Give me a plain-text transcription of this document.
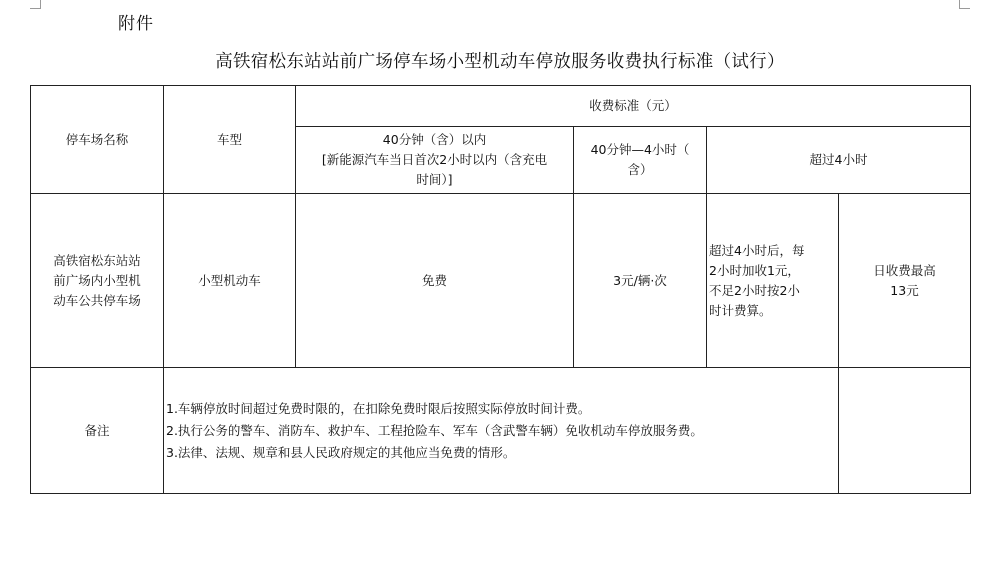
附件
高铁宿松东站站前广场停车场小型机动车停放服务收费执行标准（试行）
停车场名称	车型	收费标准（元）			

		40分钟（含）以内
[新能源汽车当日首次2小时以内（含充电
时间）]	40分钟—4小时（
含）	超过4小时	

高铁宿松东站站
前广场内小型机
动车公共停车场	小型机动车	免费	3元/辆·次	超过4小时后，每
2小时加收1元，
不足2小时按2小
时计费算。	日收费最高
13元

备注	1.车辆停放时间超过免费时限的，在扣除免费时限后按照实际停放时间计费。
2.执行公务的警车、消防车、救护车、工程抢险车、军车（含武警车辆）免收机动车停放服务费。
3.法律、法规、规章和县人民政府规定的其他应当免费的情形。				
